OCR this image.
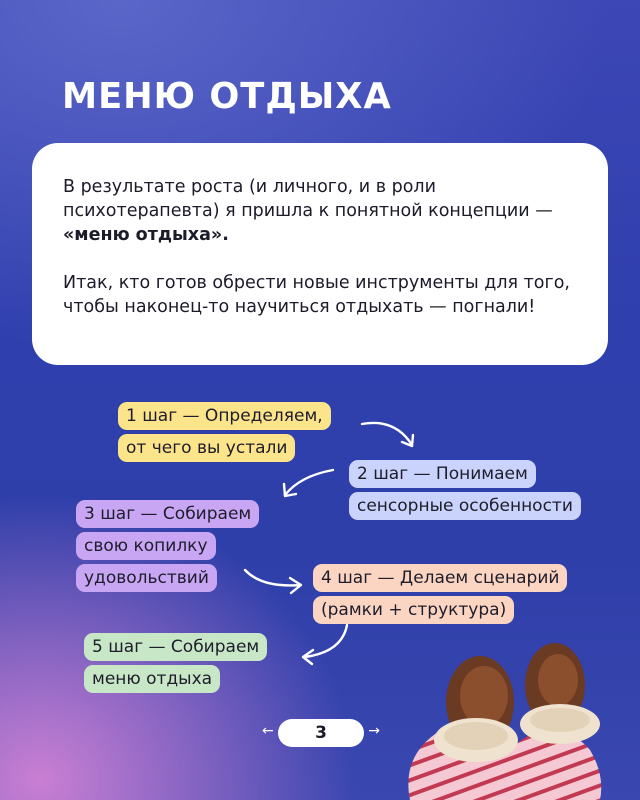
МЕНЮ ОТДЫХА

В результате роста (и личного, и в роли психотерапевта) я пришла к понятной концепции — «меню отдыха».

Итак, кто готов обрести новые инструменты для того, чтобы наконец-то научиться отдыхать — погнали!

1 шаг — Определяем,
от чего вы устали
2 шаг — Понимаем
сенсорные особенности
3 шаг — Собираем
свою копилку
удовольствий	4 шаг — Делаем сценарий
(рамки + структура)
5 шаг — Собираем
меню отдыха
←	3	→
